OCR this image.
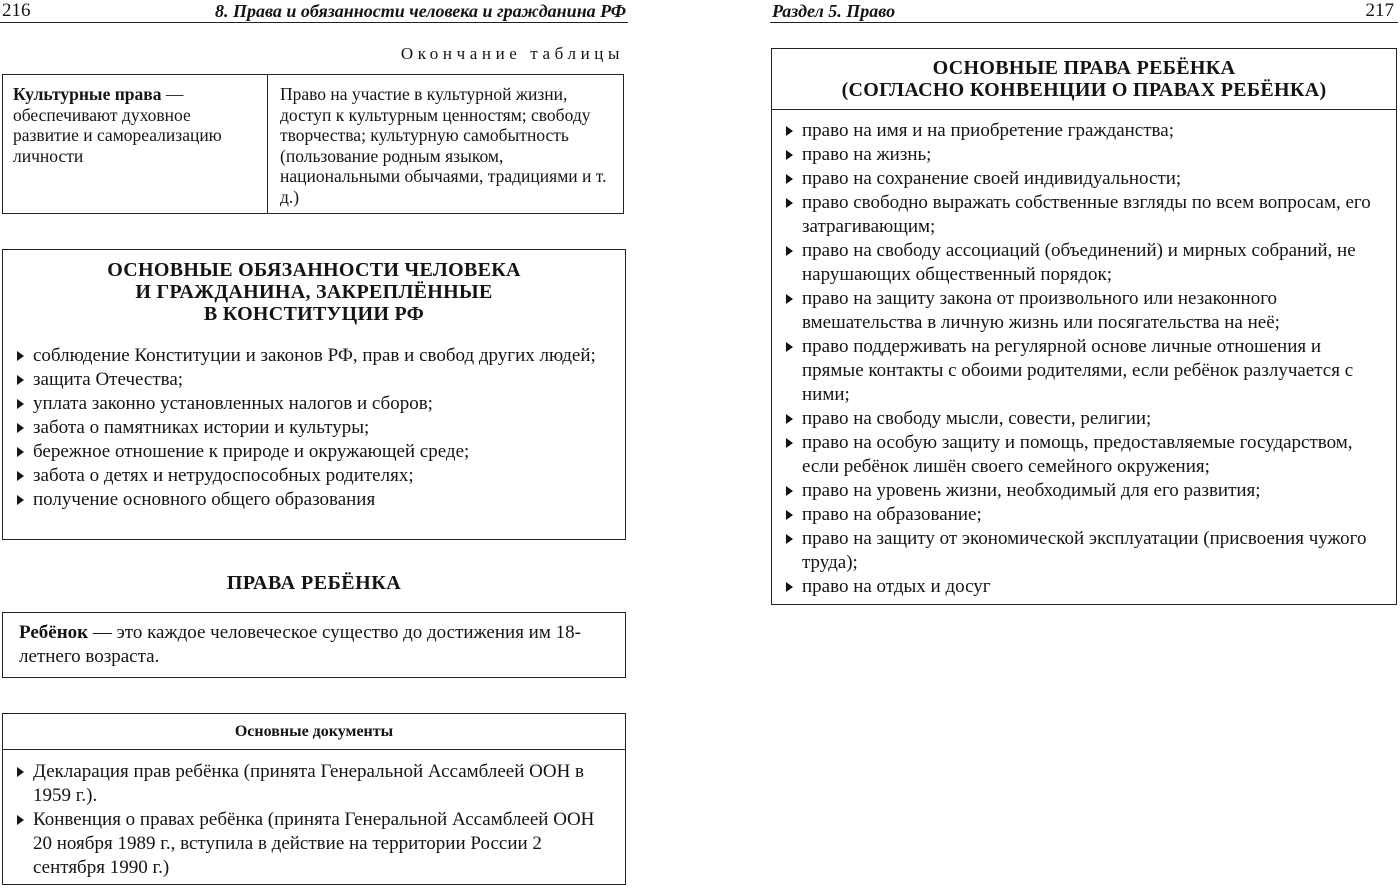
216	8. Права и обязанности человека и гражданина РФ
Окончание таблицы
Культурные права — обеспечивают духовное развитие и самореализацию личности
Право на участие в культурной жизни, доступ к культурным ценностям; свободу творчества; культурную самобытность (пользование родным языком, национальными обычаями, традициями и т. д.)
ОСНОВНЫЕ ОБЯЗАННОСТИ ЧЕЛОВЕКА
И ГРАЖДАНИНА, ЗАКРЕПЛЁННЫЕ
В КОНСТИТУЦИИ РФ
соблюдение Конституции и законов РФ, прав и свобод других людей;
защита Отечества;
уплата законно установленных налогов и сборов;
забота о памятниках истории и культуры;
бережное отношение к природе и окружающей среде;
забота о детях и нетрудоспособных родителях;
получение основного общего образования
ПРАВА РЕБЁНКА
Ребёнок — это каждое человеческое существо до достижения им 18-летнего возраста.
Основные документы
Декларация прав ребёнка (принята Генеральной Ассамблеей ООН в 1959 г.).
Конвенция о правах ребёнка (принята Генеральной Ассамблеей ООН 20 ноября 1989 г., вступила в действие на территории России 2 сентября 1990 г.)
Раздел 5. Право	217
ОСНОВНЫЕ ПРАВА РЕБЁНКА
(СОГЛАСНО КОНВЕНЦИИ О ПРАВАХ РЕБЁНКА)
право на имя и на приобретение гражданства;
право на жизнь;
право на сохранение своей индивидуальности;
право свободно выражать собственные взгляды по всем вопросам, его затрагивающим;
право на свободу ассоциаций (объединений) и мирных собраний, не нарушающих общественный порядок;
право на защиту закона от произвольного или незаконного вмешательства в личную жизнь или посягательства на неё;
право поддерживать на регулярной основе личные отношения и прямые контакты с обоими родителями, если ребёнок разлучается с ними;
право на свободу мысли, совести, религии;
право на особую защиту и помощь, предоставляемые государством, если ребёнок лишён своего семейного окружения;
право на уровень жизни, необходимый для его развития;
право на образование;
право на защиту от экономической эксплуатации (присвоения чужого труда);
право на отдых и досуг
